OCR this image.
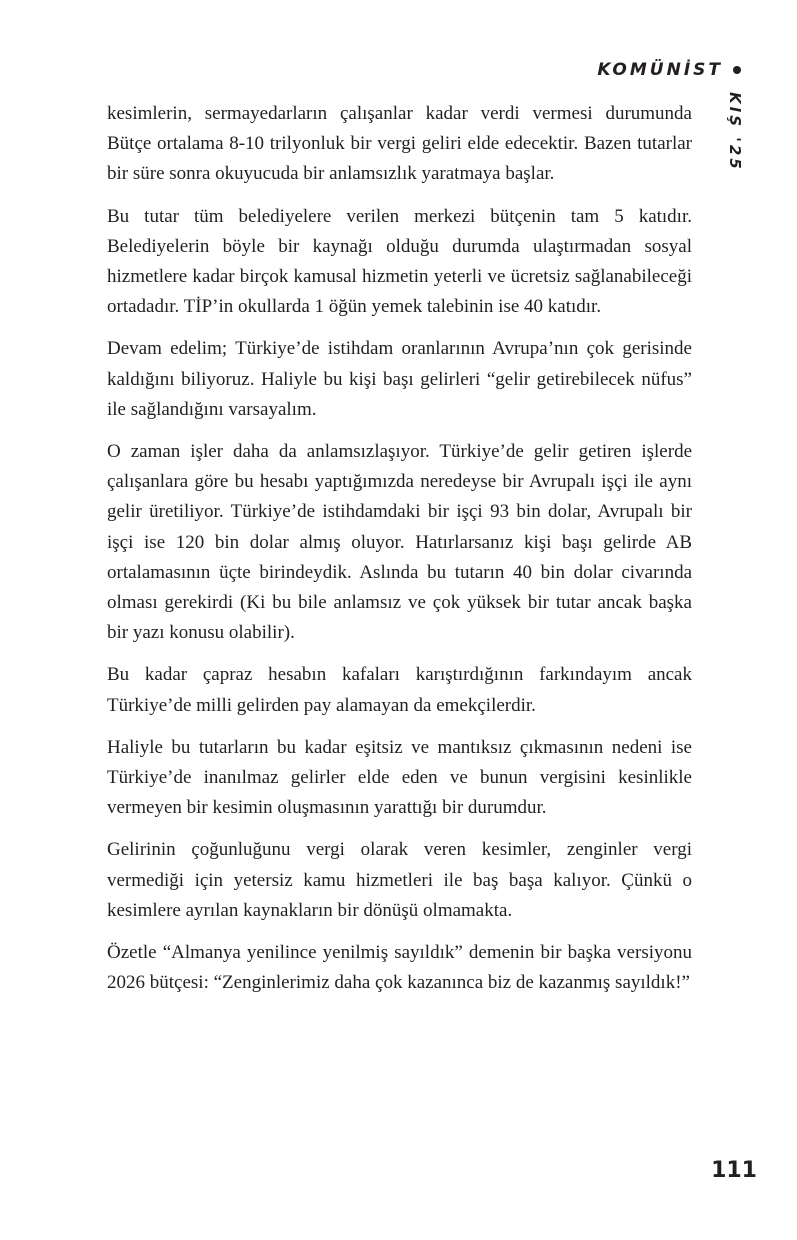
KOMÜNİST
KIŞ '25

kesimlerin, sermayedarların çalışanlar kadar verdi vermesi durumunda Bütçe ortalama 8-10 trilyonluk bir vergi geliri elde edecektir. Bazen tutarlar bir süre sonra okuyucuda bir anlamsızlık yaratmaya başlar.

Bu tutar tüm belediyelere verilen merkezi bütçenin tam 5 katıdır. Belediyelerin böyle bir kaynağı olduğu durumda ulaştırmadan sosyal hizmetlere kadar birçok kamusal hizmetin yeterli ve ücretsiz sağlanabileceği ortadadır. TİP’in okullarda 1 öğün yemek talebinin ise 40 katıdır.

Devam edelim; Türkiye’de istihdam oranlarının Avrupa’nın çok gerisinde kaldığını biliyoruz. Haliyle bu kişi başı gelirleri “gelir getirebilecek nüfus” ile sağlandığını varsayalım.

O zaman işler daha da anlamsızlaşıyor. Türkiye’de gelir getiren işlerde çalışanlara göre bu hesabı yaptığımızda neredeyse bir Avrupalı işçi ile aynı gelir üretiliyor. Türkiye’de istihdamdaki bir işçi 93 bin dolar, Avrupalı bir işçi ise 120 bin dolar almış oluyor. Hatırlarsanız kişi başı gelirde AB ortalamasının üçte birindeydik. Aslında bu tutarın 40 bin dolar civarında olması gerekirdi (Ki bu bile anlamsız ve çok yüksek bir tutar ancak başka bir yazı konusu olabilir).

Bu kadar çapraz hesabın kafaları karıştırdığının farkındayım ancak Türkiye’de milli gelirden pay alamayan da emekçilerdir.

Haliyle bu tutarların bu kadar eşitsiz ve mantıksız çıkmasının nedeni ise Türkiye’de inanılmaz gelirler elde eden ve bunun vergisini kesinlikle vermeyen bir kesimin oluşmasının yarattığı bir durumdur.

Gelirinin çoğunluğunu vergi olarak veren kesimler, zenginler vergi vermediği için yetersiz kamu hizmetleri ile baş başa kalıyor. Çünkü o kesimlere ayrılan kaynakların bir dönüşü olmamakta.

Özetle “Almanya yenilince yenilmiş sayıldık” demenin bir başka versiyonu 2026 bütçesi: “Zenginlerimiz daha çok kazanınca biz de kazanmış sayıldık!”

111
